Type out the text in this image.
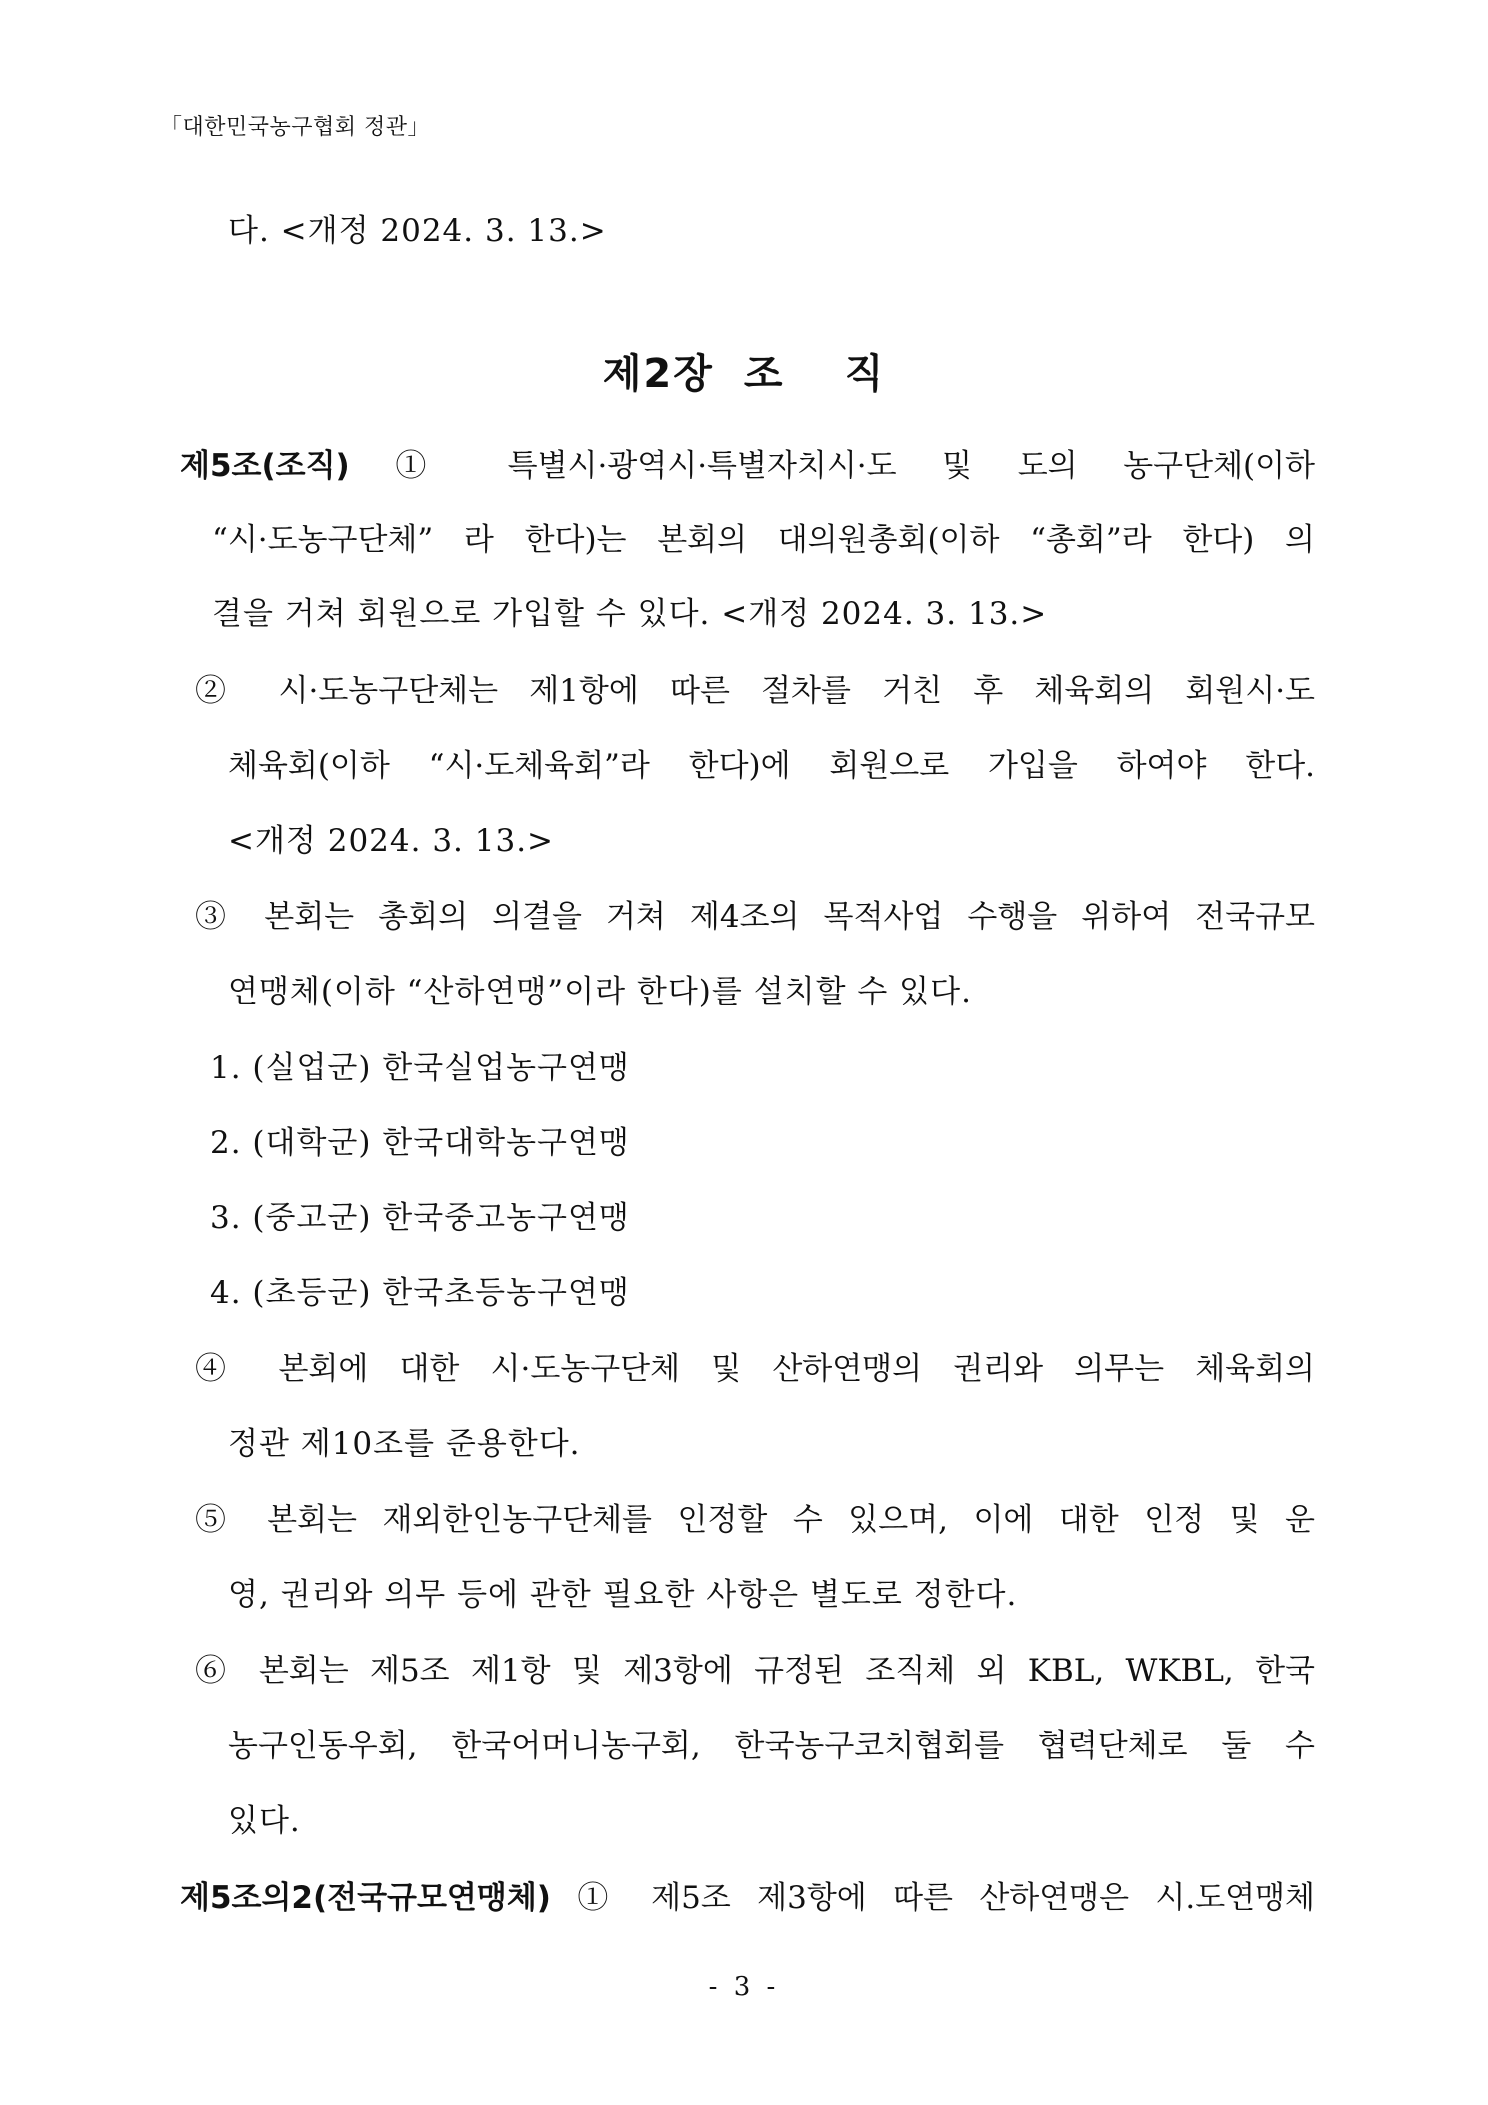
「대한민국농구협회 정관」
다. <개정 2024. 3. 13.>
제2장 조 직
제5조(조직) ① 특별시·광역시·특별자치시·도 및 도의 농구단체(이하
“시·도농구단체” 라 한다)는 본회의 대의원총회(이하 “총회”라 한다) 의
결을 거쳐 회원으로 가입할 수 있다. <개정 2024. 3. 13.>
② 시·도농구단체는 제1항에 따른 절차를 거친 후 체육회의 회원시·도
체육회(이하 “시·도체육회”라 한다)에 회원으로 가입을 하여야 한다.
<개정 2024. 3. 13.>
③ 본회는 총회의 의결을 거쳐 제4조의 목적사업 수행을 위하여 전국규모
연맹체(이하 “산하연맹”이라 한다)를 설치할 수 있다.
1. (실업군) 한국실업농구연맹
2. (대학군) 한국대학농구연맹
3. (중고군) 한국중고농구연맹
4. (초등군) 한국초등농구연맹
④ 본회에 대한 시·도농구단체 및 산하연맹의 권리와 의무는 체육회의
정관 제10조를 준용한다.
⑤ 본회는 재외한인농구단체를 인정할 수 있으며, 이에 대한 인정 및 운
영, 권리와 의무 등에 관한 필요한 사항은 별도로 정한다.
⑥ 본회는 제5조 제1항 및 제3항에 규정된 조직체 외 KBL, WKBL, 한국
농구인동우회, 한국어머니농구회, 한국농구코치협회를 협력단체로 둘 수
있다.
제5조의2(전국규모연맹체) ① 제5조 제3항에 따른 산하연맹은 시.도연맹체
- 3 -
